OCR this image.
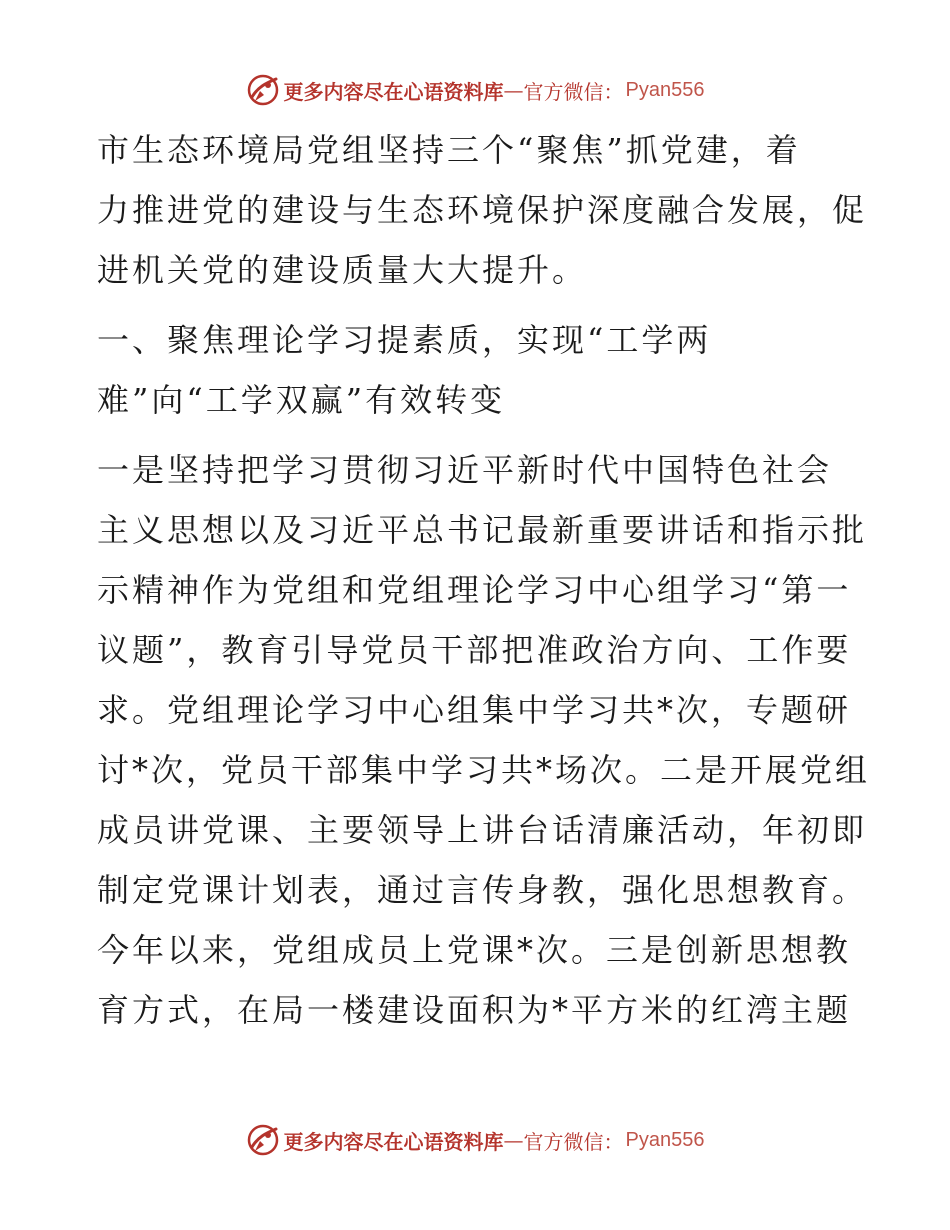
更多内容尽在心语资料库 — 官方微信： Pyan556

市生态环境局党组坚持三个“聚焦”抓党建，着
力推进党的建设与生态环境保护深度融合发展，促
进机关党的建设质量大大提升。

一、聚焦理论学习提素质，实现“工学两
难”向“工学双赢”有效转变

一是坚持把学习贯彻习近平新时代中国特色社会
主义思想以及习近平总书记最新重要讲话和指示批
示精神作为党组和党组理论学习中心组学习“第一
议题”，教育引导党员干部把准政治方向、工作要
求。党组理论学习中心组集中学习共*次，专题研
讨*次，党员干部集中学习共*场次。二是开展党组
成员讲党课、主要领导上讲台话清廉活动，年初即
制定党课计划表，通过言传身教，强化思想教育。
今年以来，党组成员上党课*次。三是创新思想教
育方式，在局一楼建设面积为*平方米的红湾主题

更多内容尽在心语资料库 — 官方微信： Pyan556
